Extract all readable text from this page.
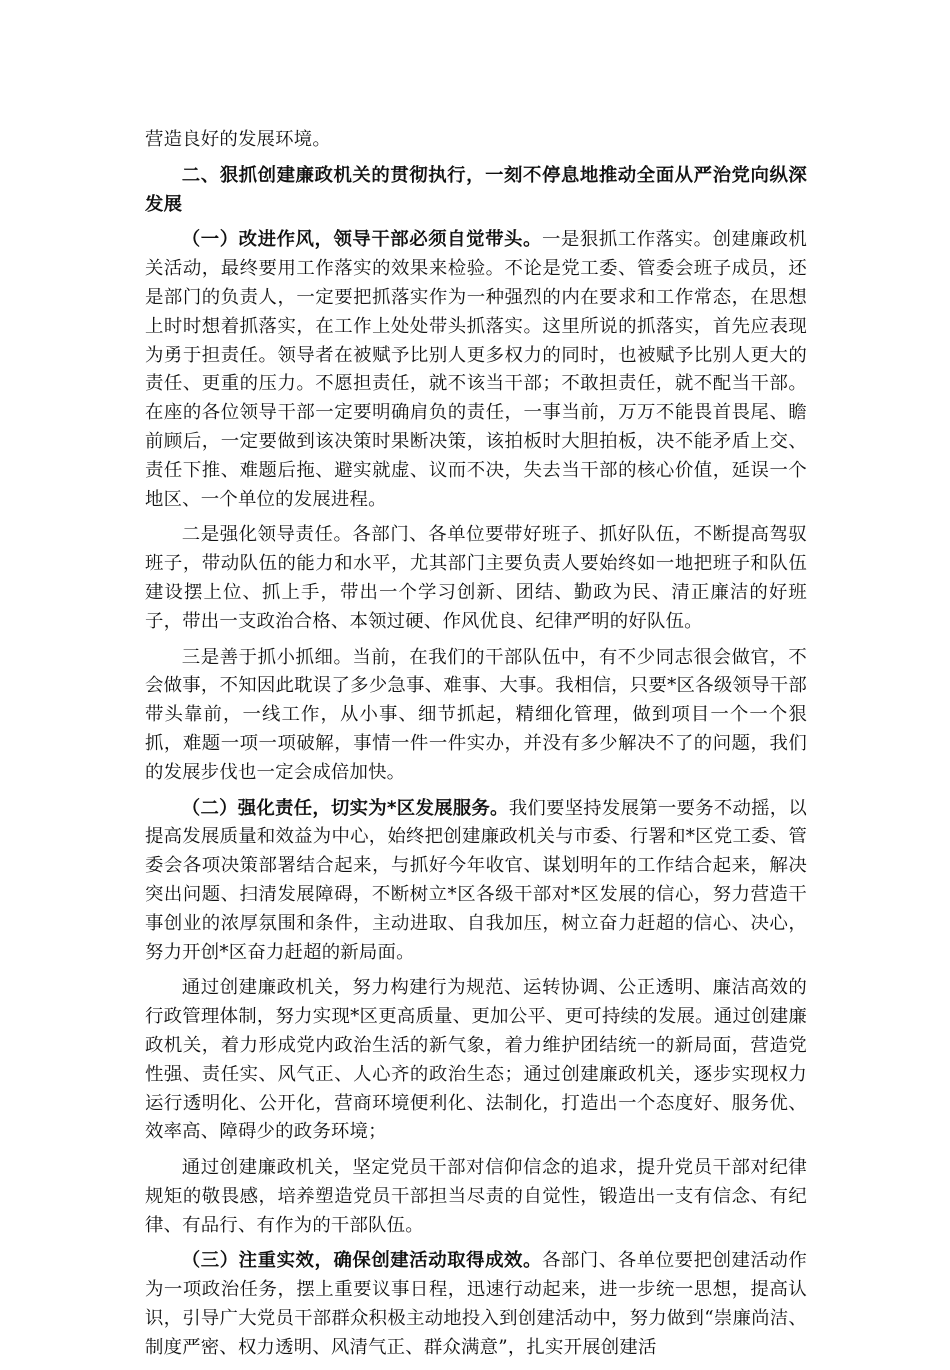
营造良好的发展环境。

二、狠抓创建廉政机关的贯彻执行，一刻不停息地推动全面从严治党向纵深发展

（一）改进作风，领导干部必须自觉带头。一是狠抓工作落实。创建廉政机关活动，最终要用工作落实的效果来检验。不论是党工委、管委会班子成员，还是部门的负责人，一定要把抓落实作为一种强烈的内在要求和工作常态，在思想上时时想着抓落实，在工作上处处带头抓落实。这里所说的抓落实，首先应表现为勇于担责任。领导者在被赋予比别人更多权力的同时，也被赋予比别人更大的责任、更重的压力。不愿担责任，就不该当干部；不敢担责任，就不配当干部。在座的各位领导干部一定要明确肩负的责任，一事当前，万万不能畏首畏尾、瞻前顾后，一定要做到该决策时果断决策，该拍板时大胆拍板，决不能矛盾上交、责任下推、难题后拖、避实就虚、议而不决，失去当干部的核心价值，延误一个地区、一个单位的发展进程。

二是强化领导责任。各部门、各单位要带好班子、抓好队伍，不断提高驾驭班子，带动队伍的能力和水平，尤其部门主要负责人要始终如一地把班子和队伍建设摆上位、抓上手，带出一个学习创新、团结、勤政为民、清正廉洁的好班子，带出一支政治合格、本领过硬、作风优良、纪律严明的好队伍。

三是善于抓小抓细。当前，在我们的干部队伍中，有不少同志很会做官，不会做事，不知因此耽误了多少急事、难事、大事。我相信，只要*区各级领导干部带头靠前，一线工作，从小事、细节抓起，精细化管理，做到项目一个一个狠抓，难题一项一项破解，事情一件一件实办，并没有多少解决不了的问题，我们的发展步伐也一定会成倍加快。

（二）强化责任，切实为*区发展服务。我们要坚持发展第一要务不动摇，以提高发展质量和效益为中心，始终把创建廉政机关与市委、行署和*区党工委、管委会各项决策部署结合起来，与抓好今年收官、谋划明年的工作结合起来，解决突出问题、扫清发展障碍，不断树立*区各级干部对*区发展的信心，努力营造干事创业的浓厚氛围和条件，主动进取、自我加压，树立奋力赶超的信心、决心，努力开创*区奋力赶超的新局面。

通过创建廉政机关，努力构建行为规范、运转协调、公正透明、廉洁高效的行政管理体制，努力实现*区更高质量、更加公平、更可持续的发展。通过创建廉政机关，着力形成党内政治生活的新气象，着力维护团结统一的新局面，营造党性强、责任实、风气正、人心齐的政治生态；通过创建廉政机关，逐步实现权力运行透明化、公开化，营商环境便利化、法制化，打造出一个态度好、服务优、效率高、障碍少的政务环境；

通过创建廉政机关，坚定党员干部对信仰信念的追求，提升党员干部对纪律规矩的敬畏感，培养塑造党员干部担当尽责的自觉性，锻造出一支有信念、有纪律、有品行、有作为的干部队伍。

（三）注重实效，确保创建活动取得成效。各部门、各单位要把创建活动作为一项政治任务，摆上重要议事日程，迅速行动起来，进一步统一思想，提高认识，引导广大党员干部群众积极主动地投入到创建活动中，努力做到“崇廉尚洁、制度严密、权力透明、风清气正、群众满意”，扎实开展创建活
